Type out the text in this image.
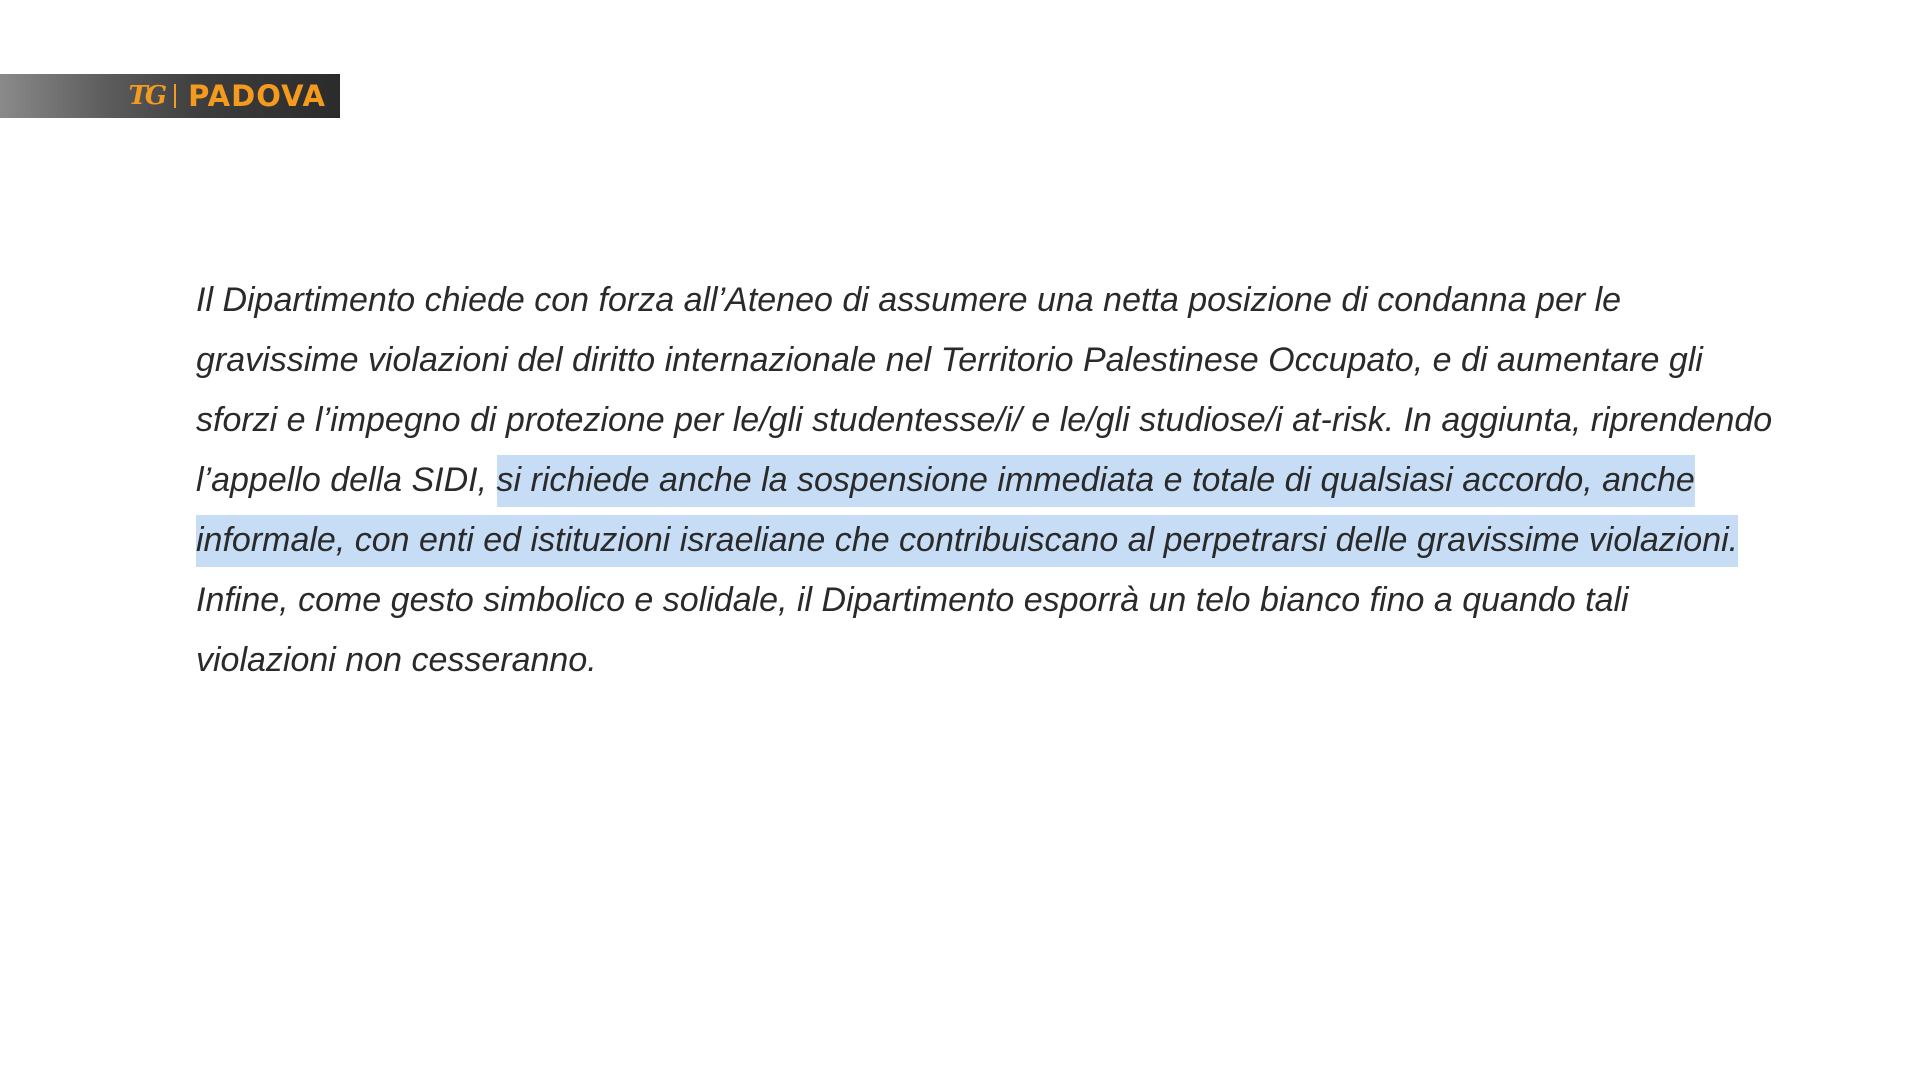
TG PADOVA

Il Dipartimento chiede con forza all’Ateneo di assumere una netta posizione di condanna per le gravissime violazioni del diritto internazionale nel Territorio Palestinese Occupato, e di aumentare gli sforzi e l’impegno di protezione per le/gli studentesse/i/ e le/gli studiose/i at-risk. In aggiunta, riprendendo l’appello della SIDI, si richiede anche la sospensione immediata e totale di qualsiasi accordo, anche informale, con enti ed istituzioni israeliane che contribuiscano al perpetrarsi delle gravissime violazioni. Infine, come gesto simbolico e solidale, il Dipartimento esporrà un telo bianco fino a quando tali violazioni non cesseranno.
